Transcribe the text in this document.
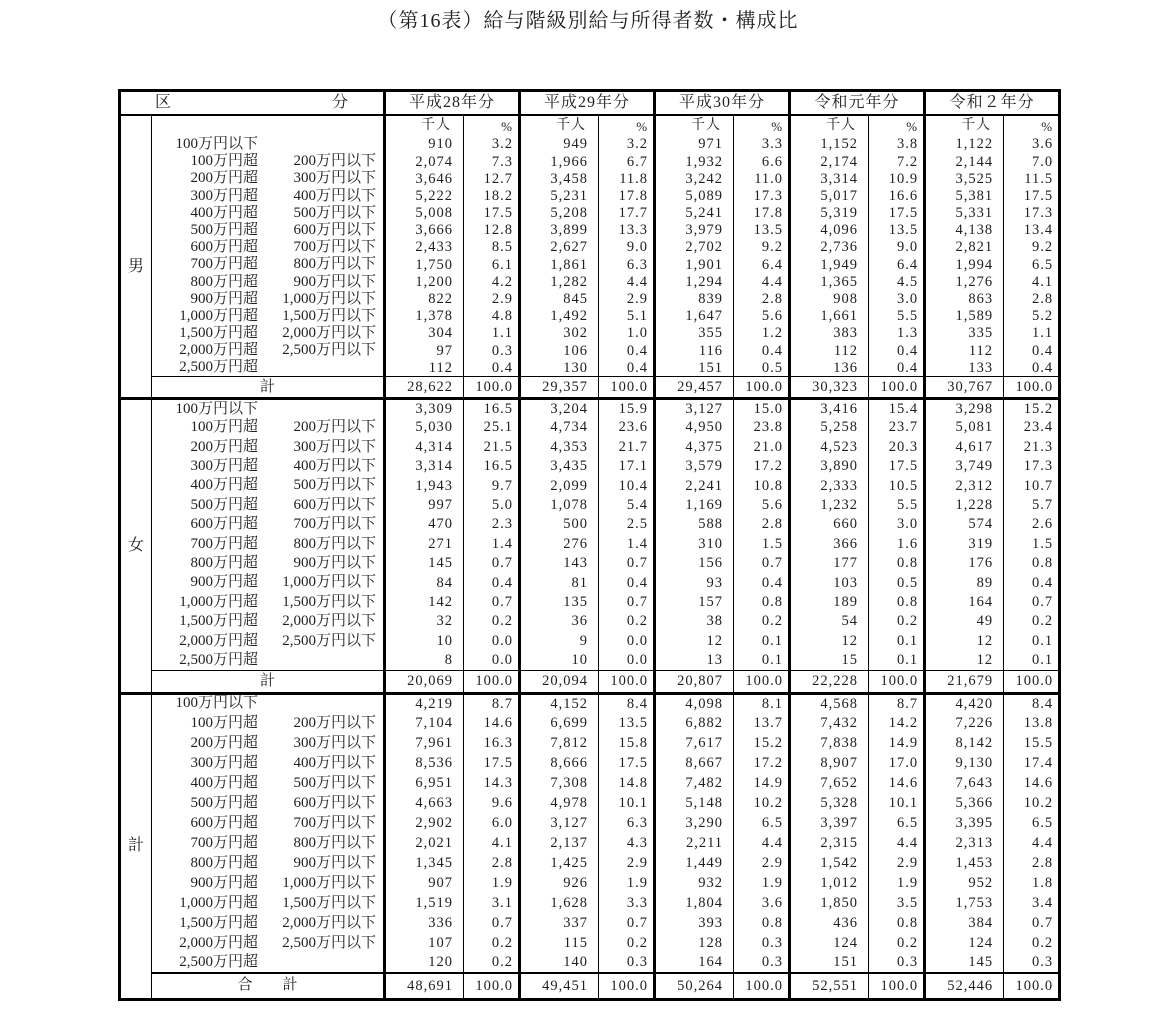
（第16表）給与階級別給与所得者数・構成比
区 分		平成28年分		平成29年分		平成30年分		令和元年分		令和２年分	
		千人	%	千人	%	千人	%	千人	%	千人	%
男	100万円以下	910	3.2	949	3.2	971	3.3	1,152	3.8	1,122	3.6
	100万円超 200万円以下	2,074	7.3	1,966	6.7	1,932	6.6	2,174	7.2	2,144	7.0
	200万円超 300万円以下	3,646	12.7	3,458	11.8	3,242	11.0	3,314	10.9	3,525	11.5
	300万円超 400万円以下	5,222	18.2	5,231	17.8	5,089	17.3	5,017	16.6	5,381	17.5
	400万円超 500万円以下	5,008	17.5	5,208	17.7	5,241	17.8	5,319	17.5	5,331	17.3
	500万円超 600万円以下	3,666	12.8	3,899	13.3	3,979	13.5	4,096	13.5	4,138	13.4
	600万円超 700万円以下	2,433	8.5	2,627	9.0	2,702	9.2	2,736	9.0	2,821	9.2
	700万円超 800万円以下	1,750	6.1	1,861	6.3	1,901	6.4	1,949	6.4	1,994	6.5
	800万円超 900万円以下	1,200	4.2	1,282	4.4	1,294	4.4	1,365	4.5	1,276	4.1
	900万円超 1,000万円以下	822	2.9	845	2.9	839	2.8	908	3.0	863	2.8
	1,000万円超 1,500万円以下	1,378	4.8	1,492	5.1	1,647	5.6	1,661	5.5	1,589	5.2
	1,500万円超 2,000万円以下	304	1.1	302	1.0	355	1.2	383	1.3	335	1.1
	2,000万円超 2,500万円以下	97	0.3	106	0.4	116	0.4	112	0.4	112	0.4
	2,500万円超	112	0.4	130	0.4	151	0.5	136	0.4	133	0.4
	計	28,622	100.0	29,357	100.0	29,457	100.0	30,323	100.0	30,767	100.0
女	100万円以下	3,309	16.5	3,204	15.9	3,127	15.0	3,416	15.4	3,298	15.2
	100万円超 200万円以下	5,030	25.1	4,734	23.6	4,950	23.8	5,258	23.7	5,081	23.4
	200万円超 300万円以下	4,314	21.5	4,353	21.7	4,375	21.0	4,523	20.3	4,617	21.3
	300万円超 400万円以下	3,314	16.5	3,435	17.1	3,579	17.2	3,890	17.5	3,749	17.3
	400万円超 500万円以下	1,943	9.7	2,099	10.4	2,241	10.8	2,333	10.5	2,312	10.7
	500万円超 600万円以下	997	5.0	1,078	5.4	1,169	5.6	1,232	5.5	1,228	5.7
	600万円超 700万円以下	470	2.3	500	2.5	588	2.8	660	3.0	574	2.6
	700万円超 800万円以下	271	1.4	276	1.4	310	1.5	366	1.6	319	1.5
	800万円超 900万円以下	145	0.7	143	0.7	156	0.7	177	0.8	176	0.8
	900万円超 1,000万円以下	84	0.4	81	0.4	93	0.4	103	0.5	89	0.4
	1,000万円超 1,500万円以下	142	0.7	135	0.7	157	0.8	189	0.8	164	0.7
	1,500万円超 2,000万円以下	32	0.2	36	0.2	38	0.2	54	0.2	49	0.2
	2,000万円超 2,500万円以下	10	0.0	9	0.0	12	0.1	12	0.1	12	0.1
	2,500万円超	8	0.0	10	0.0	13	0.1	15	0.1	12	0.1
	計	20,069	100.0	20,094	100.0	20,807	100.0	22,228	100.0	21,679	100.0
計	100万円以下	4,219	8.7	4,152	8.4	4,098	8.1	4,568	8.7	4,420	8.4
	100万円超 200万円以下	7,104	14.6	6,699	13.5	6,882	13.7	7,432	14.2	7,226	13.8
	200万円超 300万円以下	7,961	16.3	7,812	15.8	7,617	15.2	7,838	14.9	8,142	15.5
	300万円超 400万円以下	8,536	17.5	8,666	17.5	8,667	17.2	8,907	17.0	9,130	17.4
	400万円超 500万円以下	6,951	14.3	7,308	14.8	7,482	14.9	7,652	14.6	7,643	14.6
	500万円超 600万円以下	4,663	9.6	4,978	10.1	5,148	10.2	5,328	10.1	5,366	10.2
	600万円超 700万円以下	2,902	6.0	3,127	6.3	3,290	6.5	3,397	6.5	3,395	6.5
	700万円超 800万円以下	2,021	4.1	2,137	4.3	2,211	4.4	2,315	4.4	2,313	4.4
	800万円超 900万円以下	1,345	2.8	1,425	2.9	1,449	2.9	1,542	2.9	1,453	2.8
	900万円超 1,000万円以下	907	1.9	926	1.9	932	1.9	1,012	1.9	952	1.8
	1,000万円超 1,500万円以下	1,519	3.1	1,628	3.3	1,804	3.6	1,850	3.5	1,753	3.4
	1,500万円超 2,000万円以下	336	0.7	337	0.7	393	0.8	436	0.8	384	0.7
	2,000万円超 2,500万円以下	107	0.2	115	0.2	128	0.3	124	0.2	124	0.2
	2,500万円超	120	0.2	140	0.3	164	0.3	151	0.3	145	0.3
	合　　計	48,691	100.0	49,451	100.0	50,264	100.0	52,551	100.0	52,446	100.0
